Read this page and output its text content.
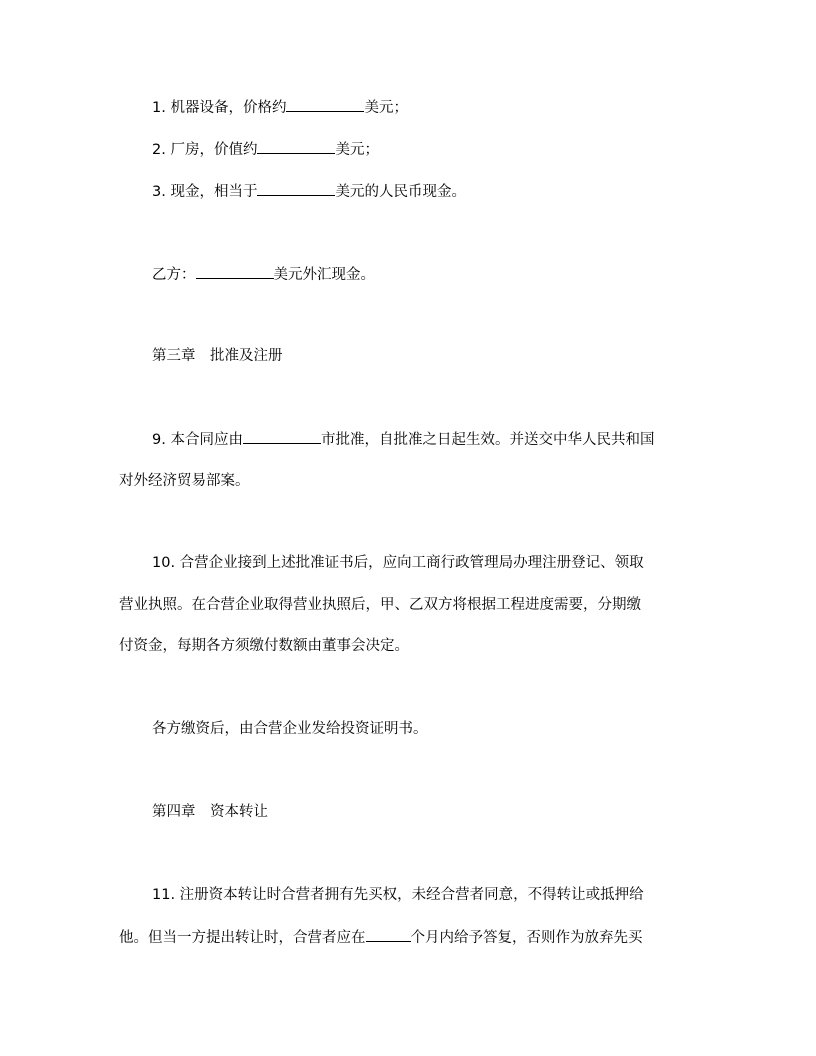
1. 机器设备，价格约	美元；
2. 厂房，价值约	美元；
3. 现金，相当于	美元的人民币现金。
乙方：	美元外汇现金。
第三章　批准及注册
9. 本合同应由	市批准，自批准之日起生效。并送交中华人民共和国
对外经济贸易部案。
10. 合营企业接到上述批准证书后，应向工商行政管理局办理注册登记、领取
营业执照。在合营企业取得营业执照后，甲、乙双方将根据工程进度需要，分期缴
付资金，每期各方须缴付数额由董事会决定。
各方缴资后，由合营企业发给投资证明书。
第四章　资本转让
11. 注册资本转让时合营者拥有先买权，未经合营者同意，不得转让或抵押给
他。但当一方提出转让时，合营者应在	个月内给予答复，否则作为放弃先买
